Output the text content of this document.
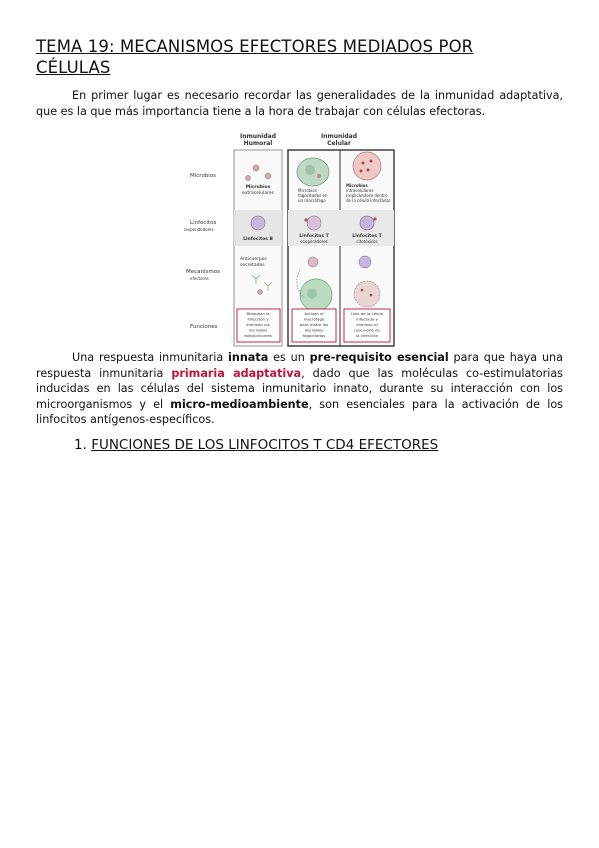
TEMA 19: MECANISMOS EFECTORES MEDIADOS POR CÉLULAS

En primer lugar es necesario recordar las generalidades de la inmunidad adaptativa, que es la que más importancia tiene a la hora de trabajar con células efectoras.

Inmunidad
Humoral
Inmunidad
Celular
Microbios
Linfocitos
respondedores
Mecanismos
efectores
Funciones
Microbios
extracelulares
Microbios
fagocitados en
un macrófago
Microbios
intracelulares
(replicándose dentro
de la célula infectada)
Linfocitos B
Linfocitos T
cooperadores
Linfocitos T
citotóxicos
Anticuerpos
secretados
Bloquean la
infección y
eliminan los
microbios
extracelulares
Activan el
macrófago
para matar los
microbios
fagocitados
Lisis de la célula
infectada y
eliminan el
reservorio de
la infección

Una respuesta inmunitaria innata es un pre-requisito esencial para que haya una respuesta inmunitaria primaria adaptativa, dado que las moléculas co-estimulatorias inducidas en las células del sistema inmunitario innato, durante su interacción con los microorganismos y el micro-medioambiente, son esenciales para la activación de los linfocitos antígenos-específicos.

1. FUNCIONES DE LOS LINFOCITOS T CD4 EFECTORES
